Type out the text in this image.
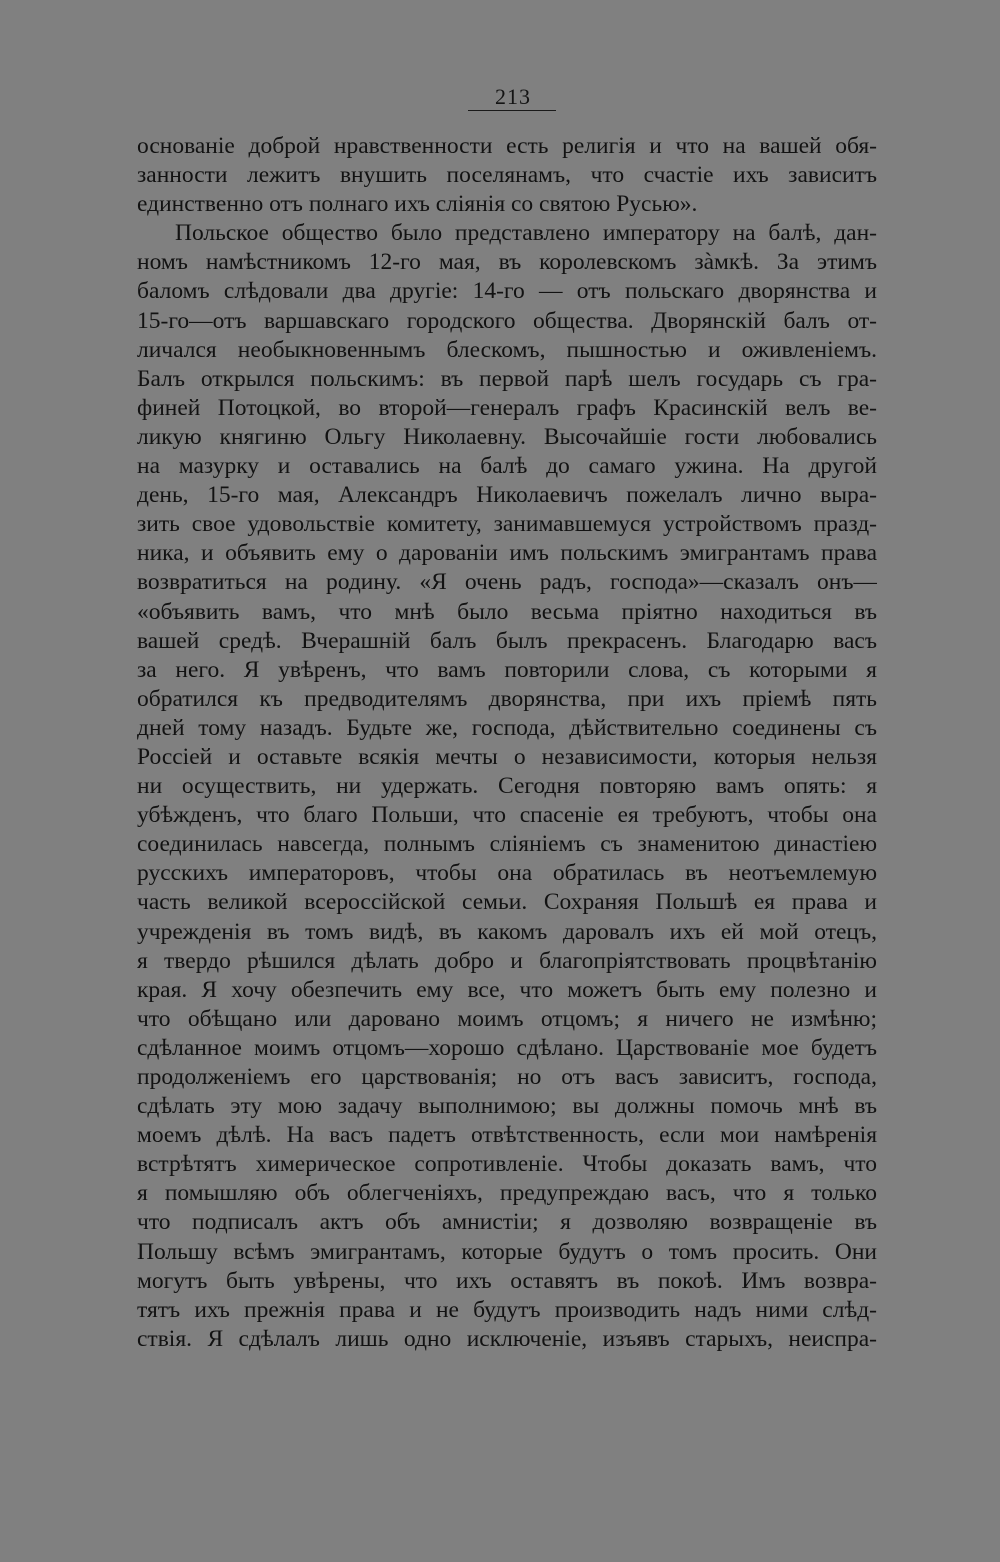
213
основаніе доброй нравственности есть религія и что на вашей обя-
занности лежитъ внушить поселянамъ, что счастіе ихъ зависитъ
единственно отъ полнаго ихъ сліянія со святою Русью».
Польское общество было представлено императору на балѣ, дан-
номъ намѣстникомъ 12-го мая, въ королевскомъ зàмкѣ. За этимъ
баломъ слѣдовали два другіе: 14-го — отъ польскаго дворянства и
15-го—отъ варшавскаго городского общества. Дворянскій балъ от-
личался необыкновеннымъ блескомъ, пышностью и оживленіемъ.
Балъ открылся польскимъ: въ первой парѣ шелъ государь съ гра-
финей Потоцкой, во второй—генералъ графъ Красинскій велъ ве-
ликую княгиню Ольгу Николаевну. Высочайшіе гости любовались
на мазурку и оставались на балѣ до самаго ужина. На другой
день, 15-го мая, Александръ Николаевичъ пожелалъ лично выра-
зить свое удовольствіе комитету, занимавшемуся устройствомъ празд-
ника, и объявить ему о дарованіи имъ польскимъ эмигрантамъ права
возвратиться на родину. «Я очень радъ, господа»—сказалъ онъ—
«объявить вамъ, что мнѣ было весьма пріятно находиться въ
вашей средѣ. Вчерашній балъ былъ прекрасенъ. Благодарю васъ
за него. Я увѣренъ, что вамъ повторили слова, съ которыми я
обратился къ предводителямъ дворянства, при ихъ пріемѣ пять
дней тому назадъ. Будьте же, господа, дѣйствительно соединены съ
Россіей и оставьте всякія мечты о независимости, которыя нельзя
ни осуществить, ни удержать. Сегодня повторяю вамъ опять: я
убѣжденъ, что благо Польши, что спасеніе ея требуютъ, чтобы она
соединилась навсегда, полнымъ сліяніемъ съ знаменитою династіею
русскихъ императоровъ, чтобы она обратилась въ неотъемлемую
часть великой всероссійской семьи. Сохраняя Польшѣ ея права и
учрежденія въ томъ видѣ, въ какомъ даровалъ ихъ ей мой отецъ,
я твердо рѣшился дѣлать добро и благопріятствовать процвѣтанію
края. Я хочу обезпечить ему все, что можетъ быть ему полезно и
что обѣщано или даровано моимъ отцомъ; я ничего не измѣню;
сдѣланное моимъ отцомъ—хорошо сдѣлано. Царствованіе мое будетъ
продолженіемъ его царствованія; но отъ васъ зависитъ, господа,
сдѣлать эту мою задачу выполнимою; вы должны помочь мнѣ въ
моемъ дѣлѣ. На васъ падетъ отвѣтственность, если мои намѣренія
встрѣтятъ химерическое сопротивленіе. Чтобы доказать вамъ, что
я помышляю объ облегченіяхъ, предупреждаю васъ, что я только
что подписалъ актъ объ амнистіи; я дозволяю возвращеніе въ
Польшу всѣмъ эмигрантамъ, которые будутъ о томъ просить. Они
могутъ быть увѣрены, что ихъ оставятъ въ покоѣ. Имъ возвра-
тятъ ихъ прежнія права и не будутъ производить надъ ними слѣд-
ствія. Я сдѣлалъ лишь одно исключеніе, изъявъ старыхъ, неиспра-
